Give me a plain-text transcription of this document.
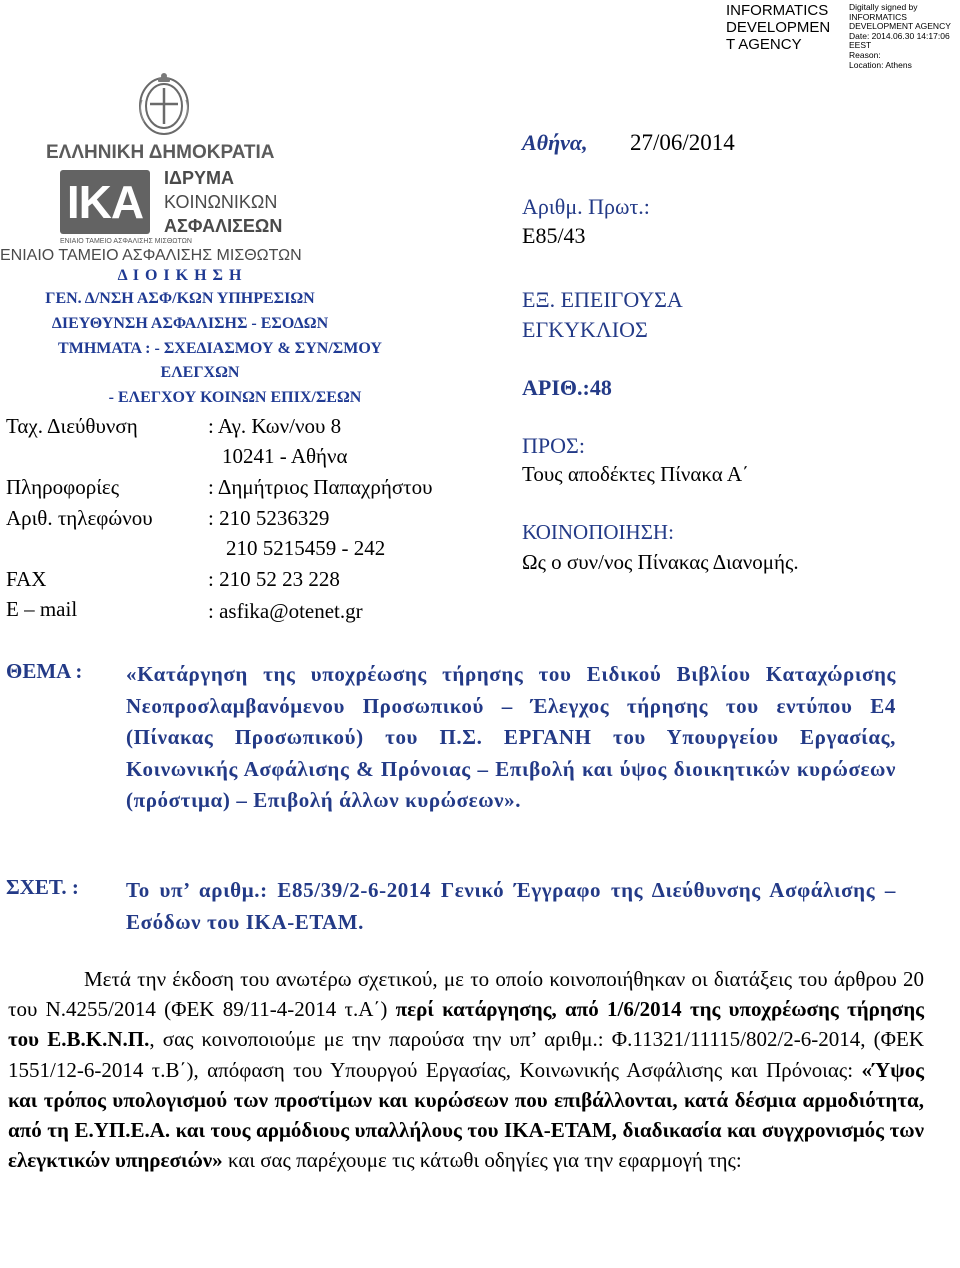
INFORMATICS
DEVELOPMEN
T AGENCY
Digitally signed by
INFORMATICS
DEVELOPMENT AGENCY
Date: 2014.06.30 14:17:06
EEST
Reason:
Location: Athens
ΕΛΛΗΝΙΚΗ ΔΗΜΟΚΡΑΤΙΑ
IKA
ΕΝΙΑΙΟ ΤΑΜΕΙΟ ΑΣΦΑΛΙΣΗΣ ΜΙΣΘΩΤΩΝ
ΙΔΡΥΜΑ
ΚΟΙΝΩΝΙΚΩΝ
ΑΣΦΑΛΙΣΕΩΝ
ΕΝΙΑΙΟ ΤΑΜΕΙΟ ΑΣΦΑΛΙΣΗΣ ΜΙΣΘΩΤΩΝ
Δ Ι Ο Ι Κ Η Σ Η
ΓΕΝ. Δ/ΝΣΗ ΑΣΦ/ΚΩΝ ΥΠΗΡΕΣΙΩΝ
ΔΙΕΥΘΥΝΣΗ ΑΣΦΑΛΙΣΗΣ - ΕΣΟΔΩΝ
ΤΜΗΜΑΤΑ : - ΣΧΕΔΙΑΣΜΟΥ & ΣΥΝ/ΣΜΟΥ
ΕΛΕΓΧΩΝ
- ΕΛΕΓΧΟΥ ΚΟΙΝΩΝ ΕΠΙΧ/ΣΕΩΝ
Ταχ. Διεύθυνση	: Αγ. Κων/νου 8
10241 - Αθήνα
Πληροφορίες	: Δημήτριος Παπαχρήστου
Αριθ. τηλεφώνου	: 210 5236329
210 5215459 - 242
FAX	: 210 52 23 228
E – mail	: asfika@otenet.gr
Αθήνα, 27/06/2014
Αριθμ. Πρωτ.:
Ε85/43
ΕΞ. ΕΠΕΙΓΟΥΣΑ
ΕΓΚΥΚΛΙΟΣ
ΑΡΙΘ.:48
ΠΡΟΣ:
Τους αποδέκτες Πίνακα Α΄
ΚΟΙΝΟΠΟΙΗΣΗ:
Ως ο συν/νος Πίνακας Διανομής.
ΘΕΜΑ : «Κατάργηση της υποχρέωσης τήρησης του Ειδικού Βιβλίου Καταχώρισης Νεοπροσλαμβανόμενου Προσωπικού – Έλεγχος τήρησης του εντύπου Ε4 (Πίνακας Προσωπικού) του Π.Σ. ΕΡΓΑΝΗ του Υπουργείου Εργασίας, Κοινωνικής Ασφάλισης & Πρόνοιας – Επιβολή και ύψος διοικητικών κυρώσεων (πρόστιμα) – Επιβολή άλλων κυρώσεων».
ΣΧΕΤ. : Το υπ’ αριθμ.: Ε85/39/2-6-2014 Γενικό Έγγραφο της Διεύθυνσης Ασφάλισης – Εσόδων του ΙΚΑ-ΕΤΑΜ.
Μετά την έκδοση του ανωτέρω σχετικού, με το οποίο κοινοποιήθηκαν οι διατάξεις του άρθρου 20 του Ν.4255/2014 (ΦΕΚ 89/11-4-2014 τ.Α΄) περί κατάργησης, από 1/6/2014 της υποχρέωσης τήρησης του Ε.Β.Κ.Ν.Π., σας κοινοποιούμε με την παρούσα την υπ’ αριθμ.: Φ.11321/11115/802/2-6-2014, (ΦΕΚ 1551/12-6-2014 τ.Β΄), απόφαση του Υπουργού Εργασίας, Κοινωνικής Ασφάλισης και Πρόνοιας: «Ύψος και τρόπος υπολογισμού των προστίμων και κυρώσεων που επιβάλλονται, κατά δέσμια αρμοδιότητα, από τη Ε.ΥΠ.Ε.Α. και τους αρμόδιους υπαλλήλους του ΙΚΑ-ΕΤΑΜ, διαδικασία και συγχρονισμός των ελεγκτικών υπηρεσιών» και σας παρέχουμε τις κάτωθι οδηγίες για την εφαρμογή της:
